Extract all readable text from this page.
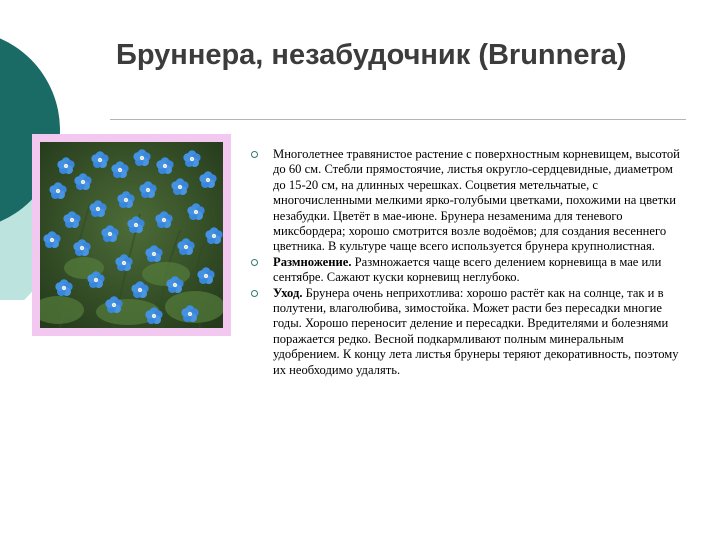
Бруннера, незабудочник (Brunnera)
Многолетнее травянистое растение с поверхностным корневищем, высотой до 60 см. Стебли прямостоячие, листья округло-сердцевидные, диаметром до 15-20 см, на длинных черешках. Соцветия метельчатые, с многочисленными мелкими ярко-голубыми цветками, похожими на цветки незабудки. Цветёт в мае-июне. Брунера незаменима для теневого миксбордера; хорошо смотрится возле водоёмов; для создания весеннего цветника. В культуре чаще всего используется брунера крупнолистная.
Размножение. Размножается чаще всего делением корневища в мае или сентябре. Сажают куски корневищ неглубоко.
Уход. Брунера очень неприхотлива: хорошо растёт как на солнце, так и в полутени, влаголюбива, зимостойка. Может расти без пересадки многие годы. Хорошо переносит деление и пересадки. Вредителями и болезнями поражается редко. Весной подкармливают полным минеральным удобрением. К концу лета листья брунеры теряют декоративность, поэтому их необходимо удалять.
